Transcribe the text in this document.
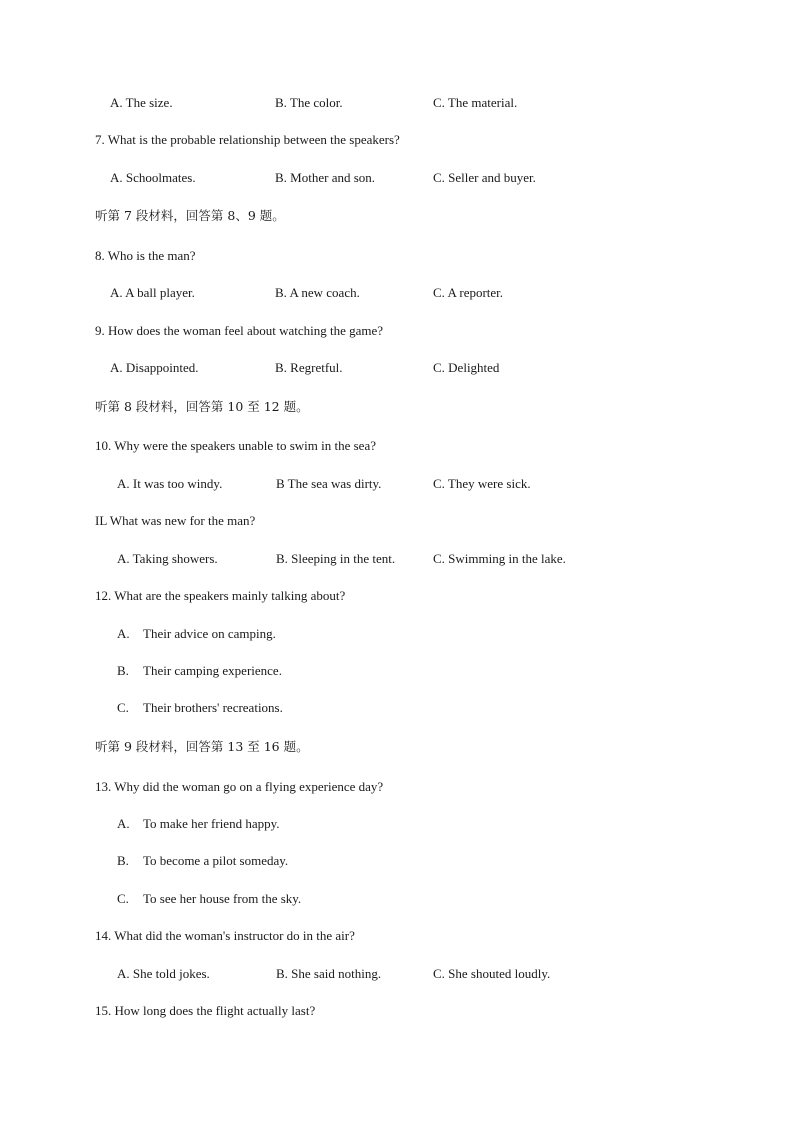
A. The size.	B. The color.	C. The material.
7. What is the probable relationship between the speakers?
A. Schoolmates.	B. Mother and son.	C. Seller and buyer.
听第 7 段材料，回答第 8、9 题。
8. Who is the man?
A. A ball player.	B. A new coach.	C. A reporter.
9. How does the woman feel about watching the game?
A. Disappointed.	B. Regretful.	C. Delighted
听第 8 段材料，回答第 10 至 12 题。
10. Why were the speakers unable to swim in the sea?
A. It was too windy.	B The sea was dirty.	C. They were sick.
IL What was new for the man?
A. Taking showers.	B. Sleeping in the tent.	C. Swimming in the lake.
12. What are the speakers mainly talking about?
A. Their advice on camping.
B. Their camping experience.
C. Their brothers' recreations.
听第 9 段材料，回答第 13 至 16 题。
13. Why did the woman go on a flying experience day?
A. To make her friend happy.
B. To become a pilot someday.
C. To see her house from the sky.
14. What did the woman's instructor do in the air?
A. She told jokes.	B. She said nothing.	C. She shouted loudly.
15. How long does the flight actually last?
